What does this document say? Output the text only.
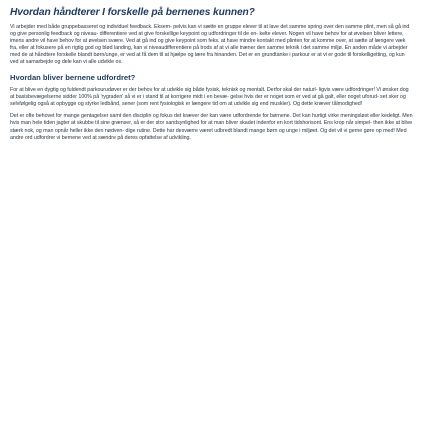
Hvordan håndterer I forskelle på bernenes kunnen?

Vi arbejder med både gruppebasseret og individuel feedback. Eksem- pelvis kan vi sætte en gruppe elever til at lave det samme spring over den samme plint, men så gå ind og give personlig feedback og niveau- differentiere ved at give forskellige keypoint og udfordringer til de en- kelte elever. Nogen vil have behov for at øvelsen bliver lettere, imens andre vil have behov for at øvelsen svære. Ved at gå ind og give keypoint som feks. at have mindre kontakt med plinten for at komme over, at sætte af længere væk fra, eller at fokusere på en rigtig god og blød landing, kan vi niveaudifferentiere på trods af at vi alle træner den samme teknik i det samme miljø. En anden måde vi arbejder med de at håndtere forskelle blandt børn/unge, er ved at få dem til at hjælpe og lære fra hinanden. Det er en grundtanke i parkour er at vi er gode til forskelligetting, og kun ved at samarbejde og dele kan vi alle udvikle os.

Hvordan bliver bernene udfordret?

For at blive en dygtig og fuldendt parkourudøver er der behov for at udvikle sig både fysisk, teknisk og mentalt. Derfor skal der naturl- ligvis være udfordringer! Vi ønsker dog at basisbevægelserne sidder 100% på 'rygraden' så vi er i stand til at korrigere midt i en bevæ- gelse hvis der er noget som er ved at gå galt, eller noget uforud- set sker og selvfølgelig også at opbygge og styrke ledbånd, sener (som rent fysiologisk er længere tid om at udvikle sig end muskler). Og dette kræver tålmodighed!

Det er ofte behovet for mange gentagelser samt den disciplin og fokus det kræver der kan være udfordrende for børnene. Det kan hurtigt virke meningsløst eller kedeligt. Men hvis man hele tiden jagter at skubbe til sine grænser, så er der stor sandsynlighed for at man bliver skadet indenfor en kort tidshorisont. Ens krop når simpel- then ikke at blive stærk nok, og man opnår heller ikke den nødven- dige rutine. Dette har desværre været udbredt blandt mange børn og unge i miljøet. Og det vil vi gerne gøre op med! Med andre ord udfordrer vi bernene ved at sændre på deres opfattelse af udvikling.
